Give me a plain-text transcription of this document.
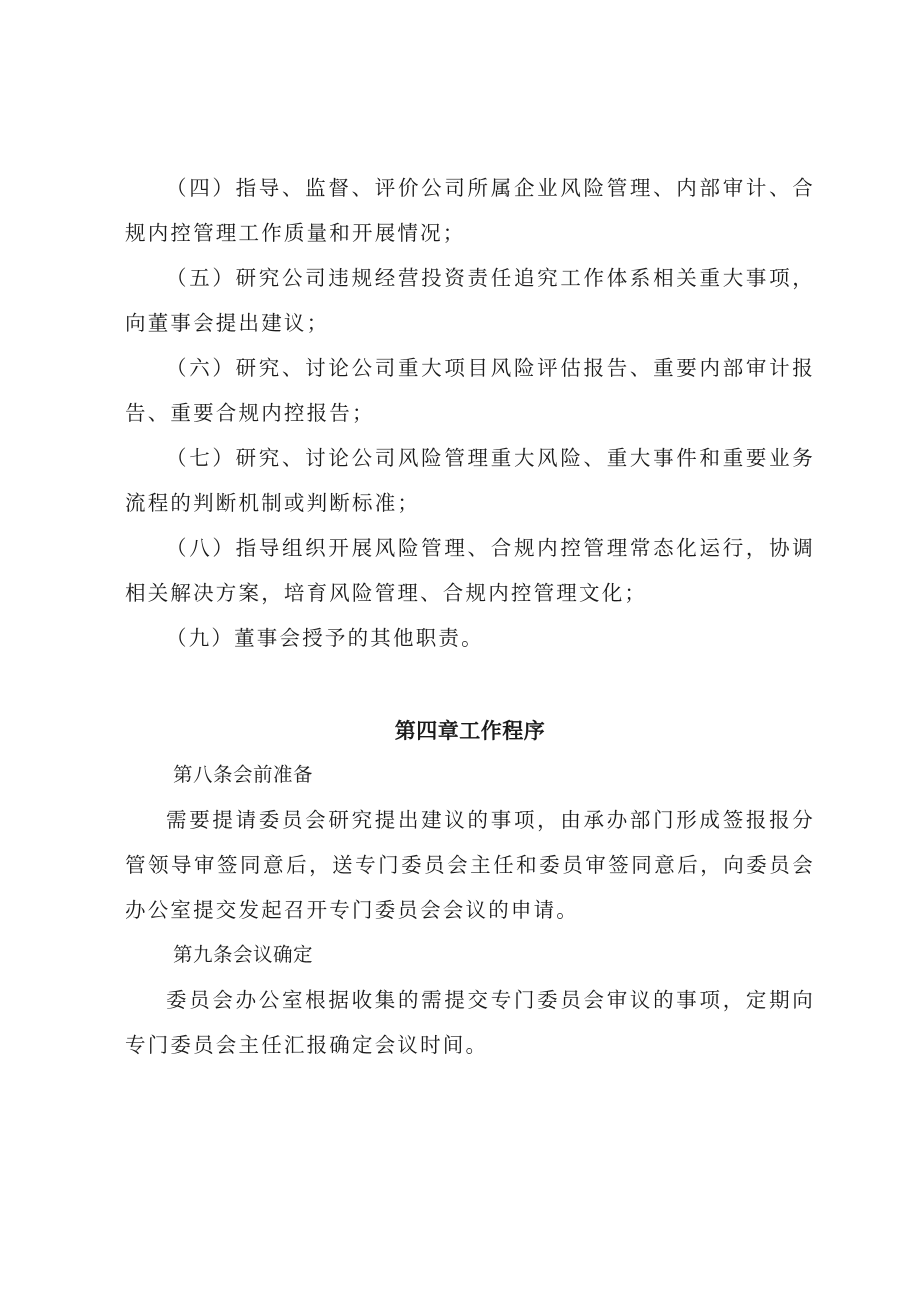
（四）指导、监督、评价公司所属企业风险管理、内部审计、合规内控管理工作质量和开展情况；

（五）研究公司违规经营投资责任追究工作体系相关重大事项，向董事会提出建议；

（六）研究、讨论公司重大项目风险评估报告、重要内部审计报告、重要合规内控报告；

（七）研究、讨论公司风险管理重大风险、重大事件和重要业务流程的判断机制或判断标准；

（八）指导组织开展风险管理、合规内控管理常态化运行，协调相关解决方案，培育风险管理、合规内控管理文化；

（九）董事会授予的其他职责。

第四章工作程序

第八条会前准备

需要提请委员会研究提出建议的事项，由承办部门形成签报报分管领导审签同意后，送专门委员会主任和委员审签同意后，向委员会办公室提交发起召开专门委员会会议的申请。

第九条会议确定

委员会办公室根据收集的需提交专门委员会审议的事项，定期向专门委员会主任汇报确定会议时间。
